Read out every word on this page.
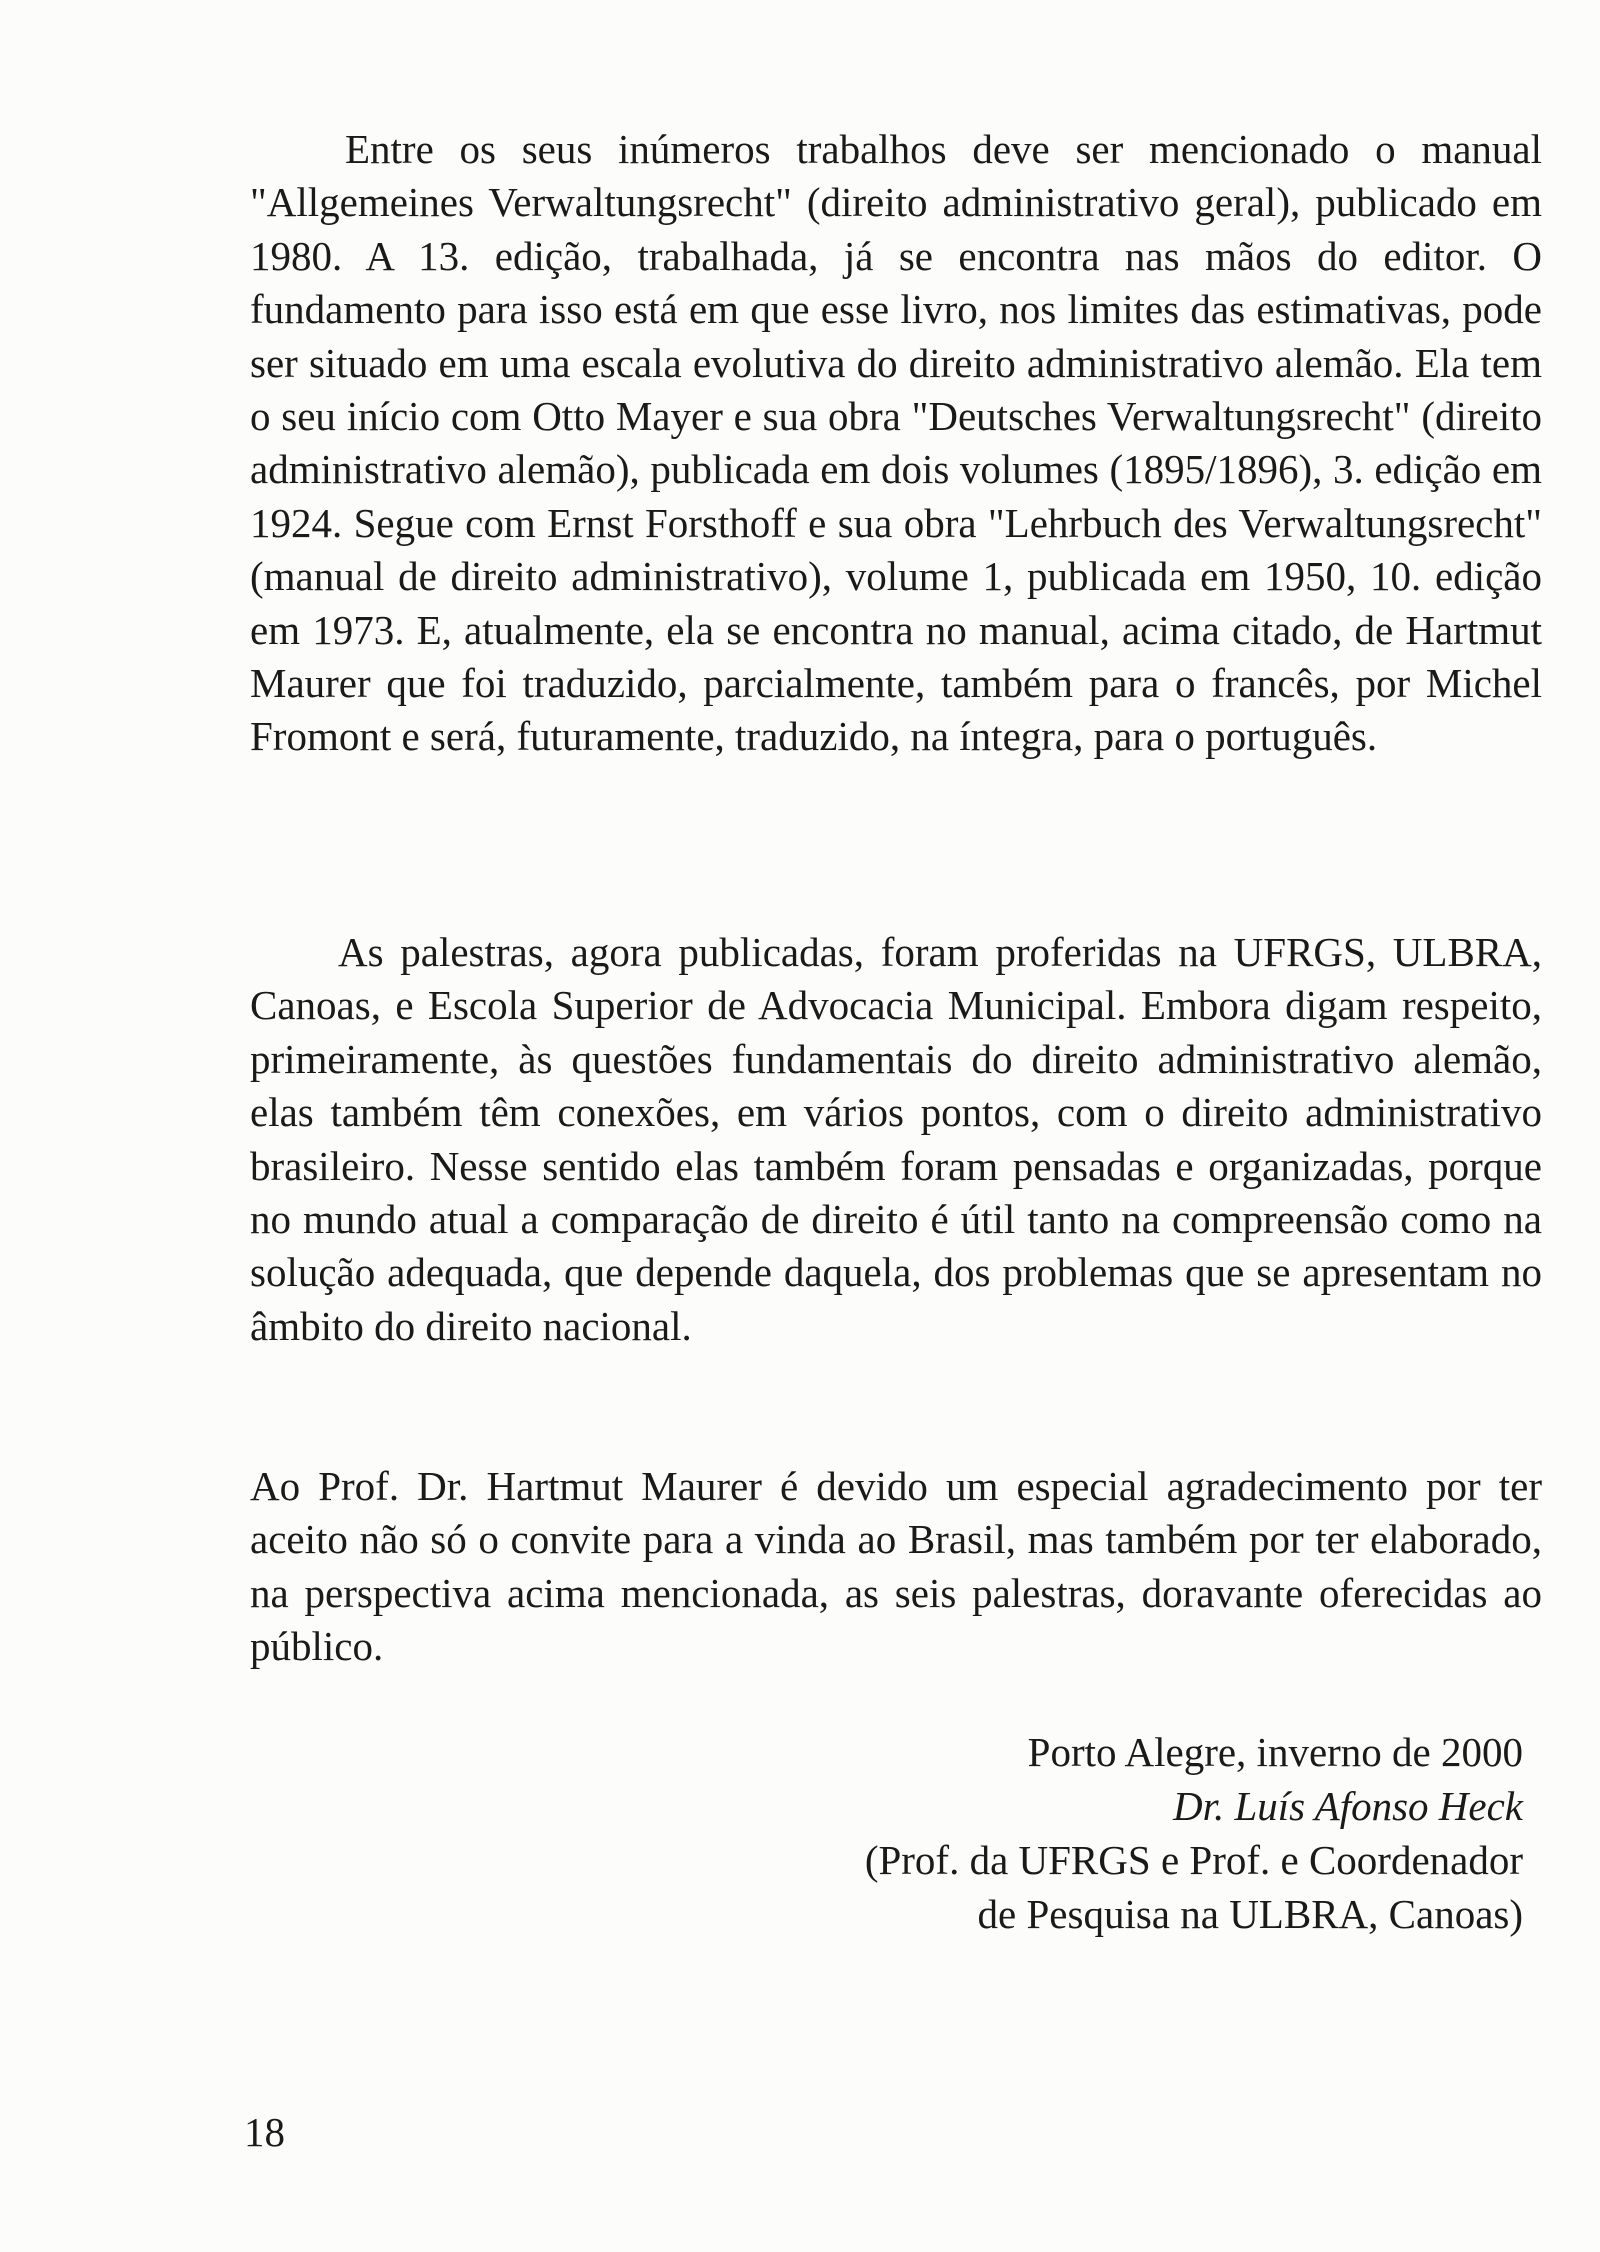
Entre os seus inúmeros trabalhos deve ser mencionado o manual "Allgemeines Verwaltungsrecht" (direito administrativo geral), publicado em 1980. A 13. edição, trabalhada, já se encontra nas mãos do editor. O fundamento para isso está em que esse livro, nos limites das estimativas, pode ser situado em uma escala evolutiva do direito administrativo alemão. Ela tem o seu início com Otto Mayer e sua obra "Deutsches Verwaltungsrecht" (direito administrativo alemão), publicada em dois volumes (1895/1896), 3. edição em 1924. Segue com Ernst Forsthoff e sua obra "Lehrbuch des Verwaltungsrecht" (manual de direito administrativo), volume 1, publicada em 1950, 10. edição em 1973. E, atualmente, ela se encontra no manual, acima citado, de Hartmut Maurer que foi traduzido, parcialmente, também para o francês, por Michel Fromont e será, futuramente, traduzido, na íntegra, para o português.

As palestras, agora publicadas, foram proferidas na UFRGS, ULBRA, Canoas, e Escola Superior de Advocacia Municipal. Embora digam respeito, primeiramente, às questões fundamentais do direito administrativo alemão, elas também têm conexões, em vários pontos, com o direito administrativo brasileiro. Nesse sentido elas também foram pensadas e organizadas, porque no mundo atual a comparação de direito é útil tanto na compreensão como na solução adequada, que depende daquela, dos problemas que se apresentam no âmbito do direito nacional.

Ao Prof. Dr. Hartmut Maurer é devido um especial agradecimento por ter aceito não só o convite para a vinda ao Brasil, mas também por ter elaborado, na perspectiva acima mencionada, as seis palestras, doravante oferecidas ao público.

Porto Alegre, inverno de 2000
Dr. Luís Afonso Heck
(Prof. da UFRGS e Prof. e Coordenador
de Pesquisa na ULBRA, Canoas)
18
